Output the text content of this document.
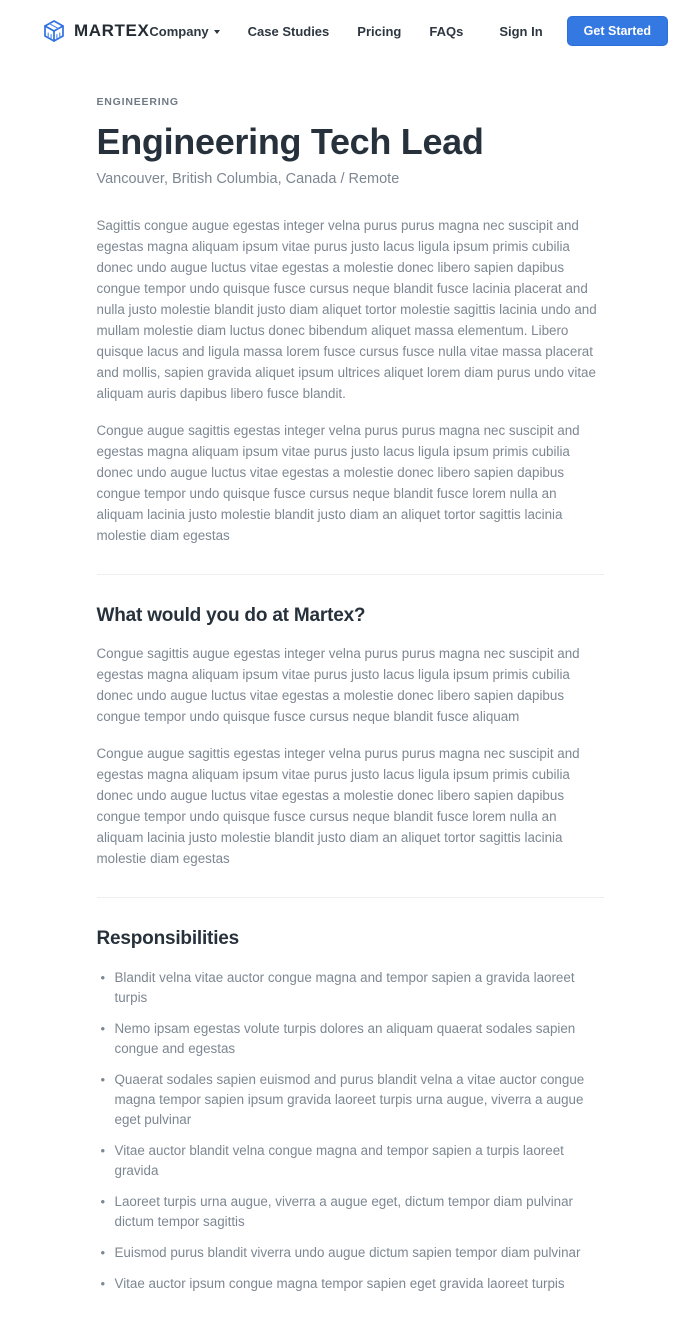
MARTEX Company	Case Studies Pricing FAQs	Sign In	Get Started
ENGINEERING
Engineering Tech Lead
Vancouver, British Columbia, Canada / Remote

Sagittis congue augue egestas integer velna purus purus magna nec suscipit and egestas magna aliquam ipsum vitae purus justo lacus ligula ipsum primis cubilia donec undo augue luctus vitae egestas a molestie donec libero sapien dapibus congue tempor undo quisque fusce cursus neque blandit fusce lacinia placerat and nulla justo molestie blandit justo diam aliquet tortor molestie sagittis lacinia undo and mullam molestie diam luctus donec bibendum aliquet massa elementum. Libero quisque lacus and ligula massa lorem fusce cursus fusce nulla vitae massa placerat and mollis, sapien gravida aliquet ipsum ultrices aliquet lorem diam purus undo vitae aliquam auris dapibus libero fusce blandit.

Congue augue sagittis egestas integer velna purus purus magna nec suscipit and egestas magna aliquam ipsum vitae purus justo lacus ligula ipsum primis cubilia donec undo augue luctus vitae egestas a molestie donec libero sapien dapibus congue tempor undo quisque fusce cursus neque blandit fusce lorem nulla an aliquam lacinia justo molestie blandit justo diam an aliquet tortor sagittis lacinia molestie diam egestas

What would you do at Martex?

Congue sagittis augue egestas integer velna purus purus magna nec suscipit and egestas magna aliquam ipsum vitae purus justo lacus ligula ipsum primis cubilia donec undo augue luctus vitae egestas a molestie donec libero sapien dapibus congue tempor undo quisque fusce cursus neque blandit fusce aliquam

Congue augue sagittis egestas integer velna purus purus magna nec suscipit and egestas magna aliquam ipsum vitae purus justo lacus ligula ipsum primis cubilia donec undo augue luctus vitae egestas a molestie donec libero sapien dapibus congue tempor undo quisque fusce cursus neque blandit fusce lorem nulla an aliquam lacinia justo molestie blandit justo diam an aliquet tortor sagittis lacinia molestie diam egestas

Responsibilities
• Blandit velna vitae auctor congue magna and tempor sapien a gravida laoreet turpis
• Nemo ipsam egestas volute turpis dolores an aliquam quaerat sodales sapien congue and egestas
• Quaerat sodales sapien euismod and purus blandit velna a vitae auctor congue magna tempor sapien ipsum gravida laoreet turpis urna augue, viverra a augue eget pulvinar
• Vitae auctor blandit velna congue magna and tempor sapien a turpis laoreet gravida
• Laoreet turpis urna augue, viverra a augue eget, dictum tempor diam pulvinar dictum tempor sagittis
• Euismod purus blandit viverra undo augue dictum sapien tempor diam pulvinar
• Vitae auctor ipsum congue magna tempor sapien eget gravida laoreet turpis
